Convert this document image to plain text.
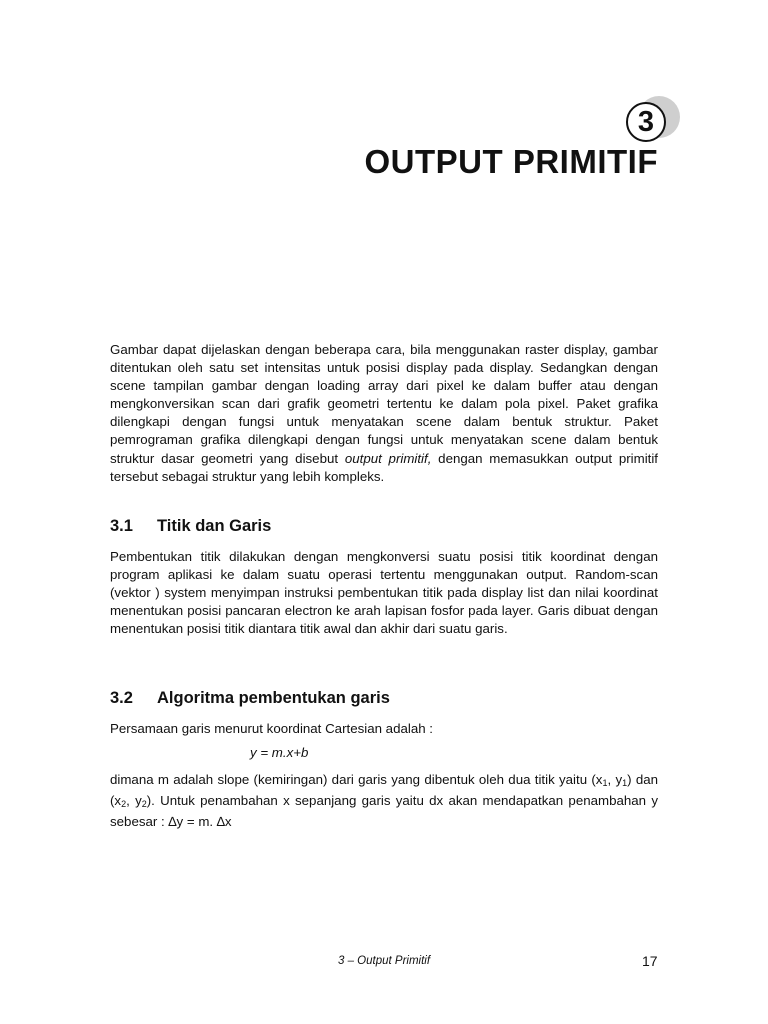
3
OUTPUT PRIMITIF

Gambar dapat dijelaskan dengan beberapa cara, bila menggunakan raster display, gambar ditentukan oleh satu set intensitas untuk posisi display pada display. Sedangkan dengan scene tampilan gambar dengan loading array dari pixel ke dalam buffer atau dengan mengkonversikan scan dari grafik geometri tertentu ke dalam pola pixel. Paket grafika dilengkapi dengan fungsi untuk menyatakan scene dalam bentuk struktur. Paket pemrograman grafika dilengkapi dengan fungsi untuk menyatakan scene dalam bentuk struktur dasar geometri yang disebut output primitif, dengan memasukkan output primitif tersebut sebagai struktur yang lebih kompleks.

3.1 Titik dan Garis

Pembentukan titik dilakukan dengan mengkonversi suatu posisi titik koordinat dengan program aplikasi ke dalam suatu operasi tertentu menggunakan output. Random-scan (vektor ) system menyimpan instruksi pembentukan titik pada display list dan nilai koordinat menentukan posisi pancaran electron ke arah lapisan fosfor pada layer. Garis dibuat dengan menentukan posisi titik diantara titik awal dan akhir dari suatu garis.

3.2 Algoritma pembentukan garis

Persamaan garis menurut koordinat Cartesian adalah :

y = m.x+b

dimana m adalah slope (kemiringan) dari garis yang dibentuk oleh dua titik yaitu ($x_1$, $y_1$) dan ($x_2$, $y_2$). Untuk penambahan x sepanjang garis yaitu dx akan mendapatkan penambahan y sebesar : ∆y = m. ∆x

3 – Output Primitif	17
